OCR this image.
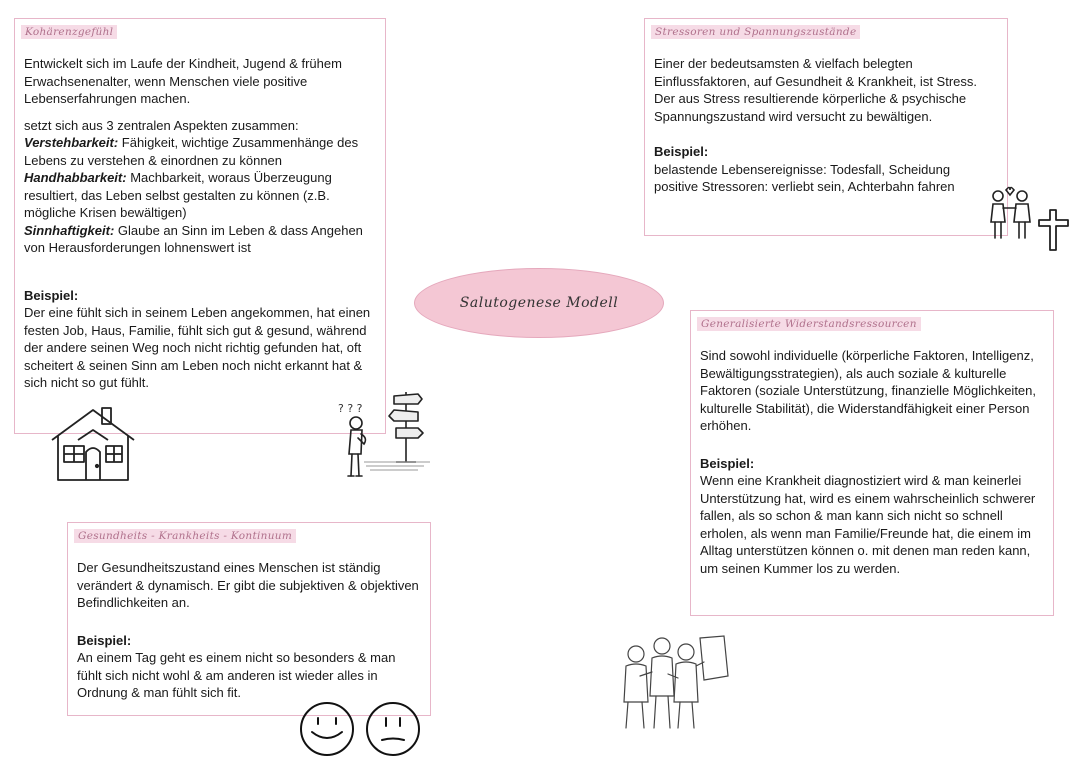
Kohärenzgefühl

Entwickelt sich im Laufe der Kindheit, Jugend & frühem Erwachsenenalter, wenn Menschen viele positive Lebenserfahrungen machen.

setzt sich aus 3 zentralen Aspekten zusammen:

Verstehbarkeit: Fähigkeit, wichtige Zusammenhänge des Lebens zu verstehen & einordnen zu können

Handhabbarkeit: Machbarkeit, woraus Überzeugung resultiert, das Leben selbst gestalten zu können (z.B. mögliche Krisen bewältigen)

Sinnhaftigkeit: Glaube an Sinn im Leben & dass Angehen von Herausforderungen lohnenswert ist

Beispiel:

Der eine fühlt sich in seinem Leben angekommen, hat einen festen Job, Haus, Familie, fühlt sich gut & gesund, während der andere seinen Weg noch nicht richtig gefunden hat, oft scheitert & seinen Sinn am Leben noch nicht erkannt hat & sich nicht so gut fühlt.

Stressoren und Spannungszustände

Einer der bedeutsamsten & vielfach belegten Einflussfaktoren, auf Gesundheit & Krankheit, ist Stress. Der aus Stress resultierende körperliche & psychische Spannungszustand wird versucht zu bewältigen.

Beispiel:

belastende Lebensereignisse: Todesfall, Scheidung

positive Stressoren: verliebt sein, Achterbahn fahren

Generalisierte Widerstandsressourcen

Sind sowohl individuelle (körperliche Faktoren, Intelligenz, Bewältigungsstrategien), als auch soziale & kulturelle Faktoren (soziale Unterstützung, finanzielle Möglichkeiten, kulturelle Stabilität), die Widerstandfähigkeit einer Person erhöhen.

Beispiel:

Wenn eine Krankheit diagnostiziert wird & man keinerlei Unterstützung hat, wird es einem wahrscheinlich schwerer fallen, als so schon & man kann sich nicht so schnell erholen, als wenn man Familie/Freunde hat, die einem im Alltag unterstützen können o. mit denen man reden kann, um seinen Kummer los zu werden.

Gesundheits - Krankheits - Kontinuum

Der Gesundheitszustand eines Menschen ist ständig verändert & dynamisch. Er gibt die subjektiven & objektiven Befindlichkeiten an.

Beispiel:

An einem Tag geht es einem nicht so besonders & man fühlt sich nicht wohl & am anderen ist wieder alles in Ordnung & man fühlt sich fit.

Salutogenese Modell
? ? ?
